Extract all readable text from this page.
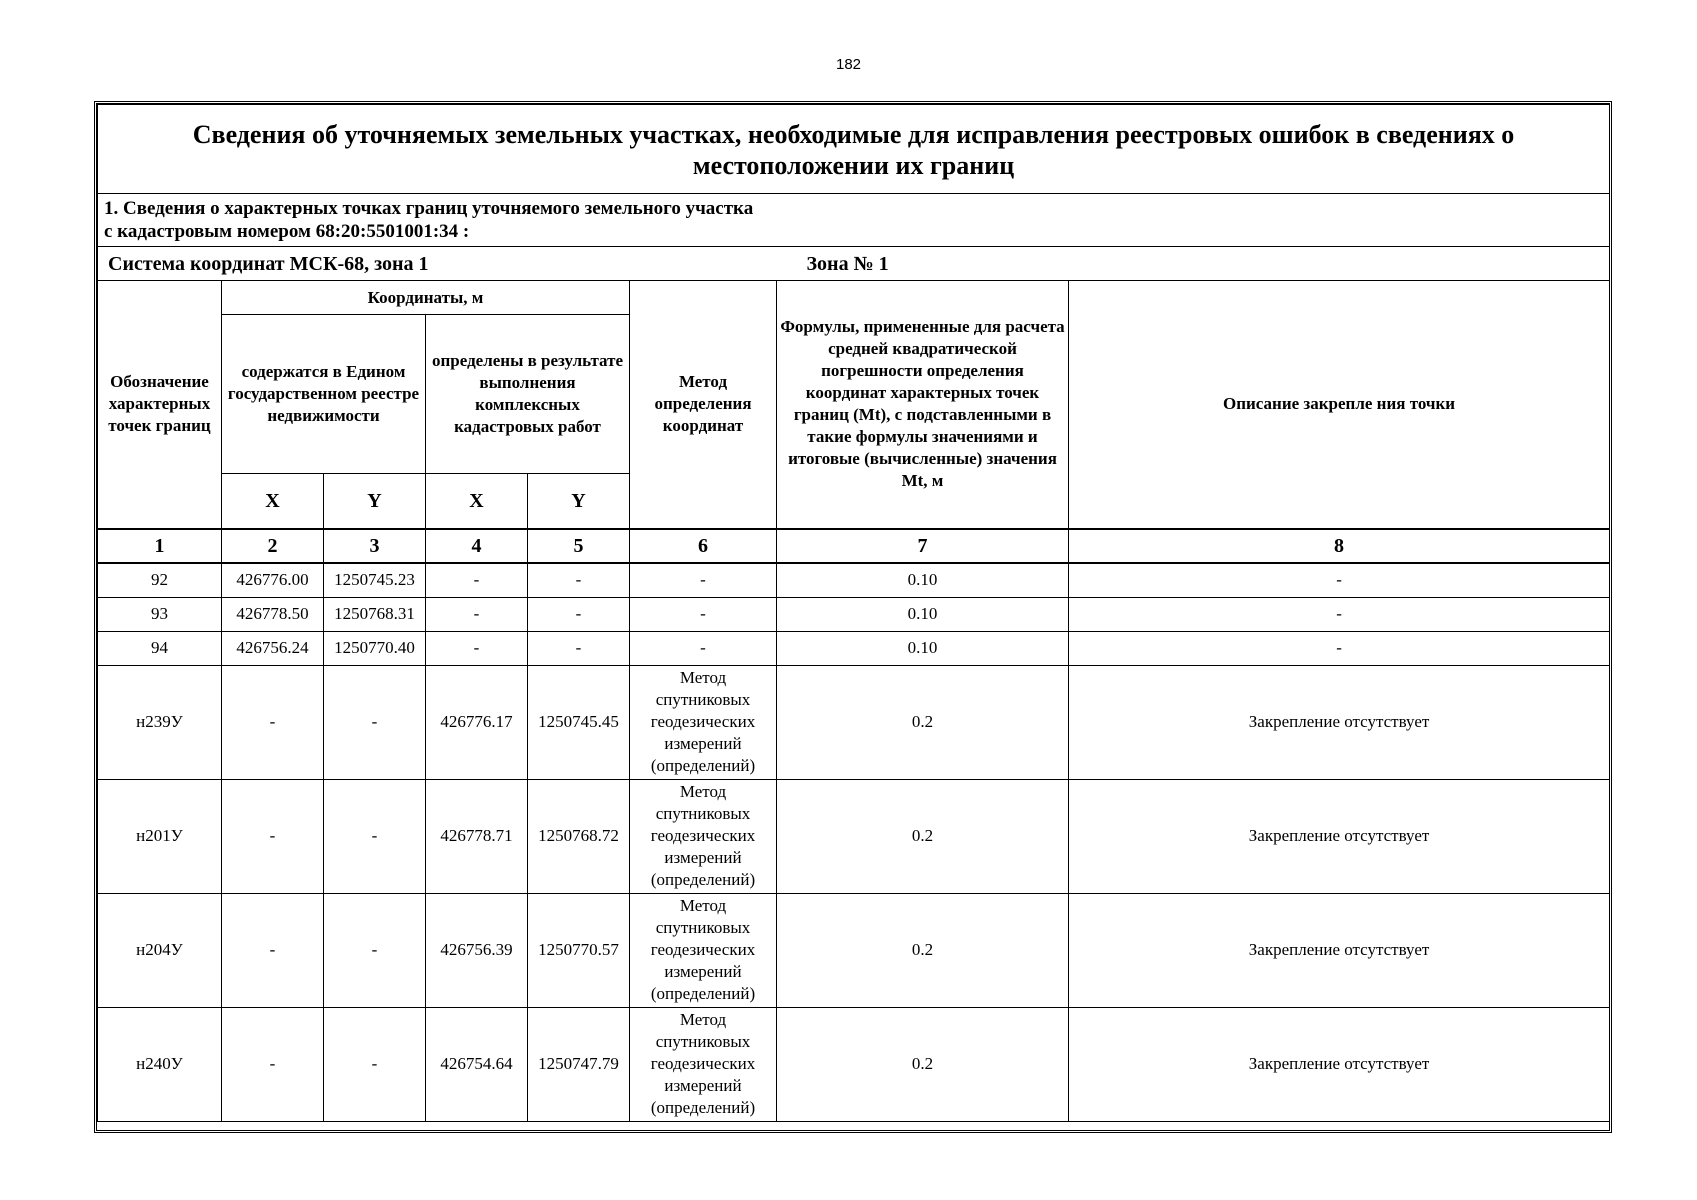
182
Сведения об уточняемых земельных участках, необходимые для исправления реестровых ошибок в сведениях о местоположении их границ							

1. Сведения о характерных точках границ уточняемого земельного участка
с кадастровым номером 68:20:5501001:34 :							

Система координат МСК-68, зона 1						Зона № 1	
Обозначение характерных точек границ	Координаты, м				Метод определения координат	Формулы, примененные для расчета средней квадратической погрешности определения координат характерных точек границ (Mt), с подставленными в такие формулы значениями и итоговые (вычисленные) значения Mt, м	Описание закрепле ния точки
	содержатся в Едином государственном реестре недвижимости		определены в результате выполнения комплексных кадастровых работ				
	X	Y	X	Y			
1	2	3	4	5	6	7	8
92	426776.00	1250745.23	-	-	-	0.10	-
93	426778.50	1250768.31	-	-	-	0.10	-
94	426756.24	1250770.40	-	-	-	0.10	-
н239У	-	-	426776.17	1250745.45	Метод спутниковых геодезических измерений (определений)	0.2	Закрепление отсутствует
н201У	-	-	426778.71	1250768.72	Метод спутниковых геодезических измерений (определений)	0.2	Закрепление отсутствует
н204У	-	-	426756.39	1250770.57	Метод спутниковых геодезических измерений (определений)	0.2	Закрепление отсутствует
н240У	-	-	426754.64	1250747.79	Метод спутниковых геодезических измерений (определений)	0.2	Закрепление отсутствует
